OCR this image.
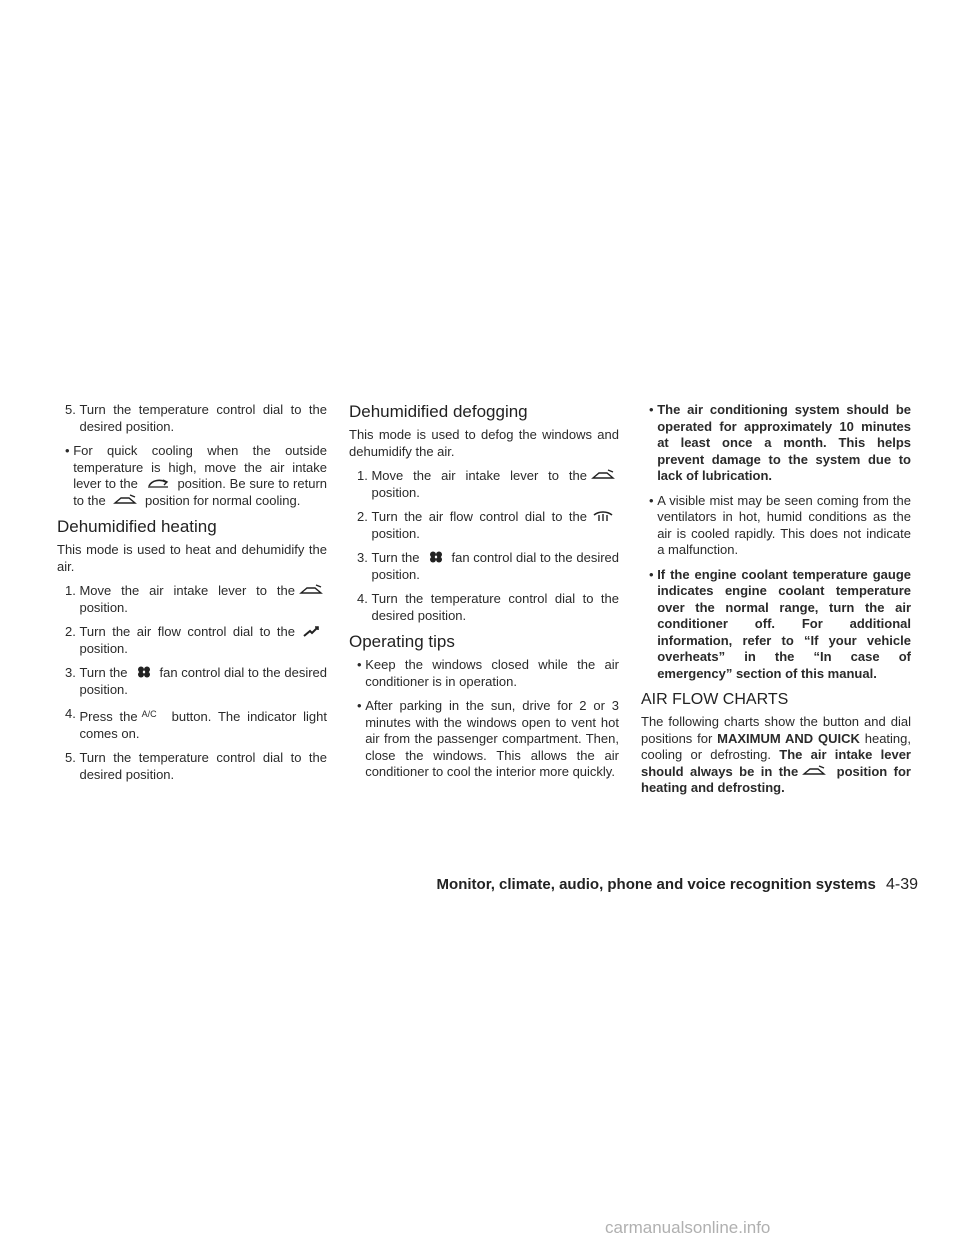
5.
Turn the temperature control dial to the desired position.
•
For quick cooling when the outside temperature is high, move the air intake lever to the	position. Be sure to return to the	position for normal cooling.
Dehumidified heating

This mode is used to heat and dehumidify the air.

1.
Move the air intake lever to the
position.
2.
Turn the air flow control dial to the
position.
3.
Turn the fan control dial to the desired position.
4.
Press the A/C button. The indicator light comes on.
5.
Turn the temperature control dial to the desired position.
Dehumidified defogging

This mode is used to defog the windows and dehumidify the air.

1.
Move the air intake lever to the
position.
2.
Turn the air flow control dial to the
position.
3.
Turn the fan control dial to the desired position.
4.
Turn the temperature control dial to the desired position.
Operating tips
•
Keep the windows closed while the air conditioner is in operation.
•
After parking in the sun, drive for 2 or 3 minutes with the windows open to vent hot air from the passenger compartment. Then, close the windows. This allows the air conditioner to cool the interior more quickly.
•
The air conditioning system should be operated for approximately 10 minutes at least once a month. This helps prevent damage to the system due to lack of lubrication.
•
A visible mist may be seen coming from the ventilators in hot, humid conditions as the air is cooled rapidly. This does not indicate a malfunction.
•
If the engine coolant temperature gauge indicates engine coolant temperature over the normal range, turn the air conditioner off. For additional information, refer to “If your vehicle overheats” in the “In case of emergency” section of this manual.
AIR FLOW CHARTS

The following charts show the button and dial positions for MAXIMUM AND QUICK heating, cooling or defrosting. The air intake lever should always be in the	position for heating and defrosting.

Monitor, climate, audio, phone and voice recognition systems 4-39
carmanualsonline.info
